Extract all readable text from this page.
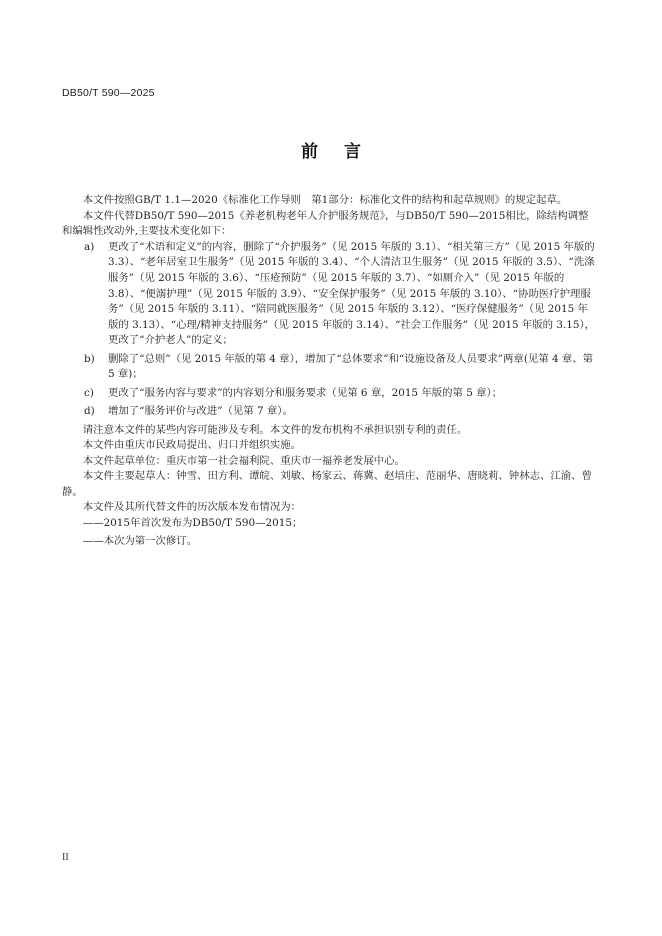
DB50/T 590—2025
前言

本文件按照GB/T 1.1—2020《标准化工作导则　第1部分：标准化文件的结构和起草规则》的规定起草。

本文件代替DB50/T 590—2015《养老机构老年人介护服务规范》，与DB50/T 590—2015相比，除结构调整和编辑性改动外,主要技术变化如下：

a)	更改了“术语和定义”的内容，删除了“介护服务”（见 2015 年版的 3.1）、“相关第三方”（见 2015 年版的 3.3）、“老年居室卫生服务”（见 2015 年版的 3.4）、“个人清洁卫生服务”（见 2015 年版的 3.5）、“洗涤服务”（见 2015 年版的 3.6）、“压疮预防”（见 2015 年版的 3.7）、“如厕介入”（见 2015 年版的 3.8）、“便溺护理”（见 2015 年版的 3.9）、“安全保护服务”（见 2015 年版的 3.10）、“协助医疗护理服务”（见 2015 年版的 3.11）、“陪同就医服务”（见 2015 年版的 3.12）、“医疗保健服务”（见 2015 年版的 3.13）、“心理/精神支持服务”（见 2015 年版的 3.14）、“社会工作服务”（见 2015 年版的 3.15），更改了“介护老人”的定义；
b)	删除了“总则”（见 2015 年版的第 4 章），增加了“总体要求”和“设施设备及人员要求”两章(见第 4 章、第 5 章)；
c)	更改了“服务内容与要求”的内容划分和服务要求（见第 6 章，2015 年版的第 5 章）；
d)	增加了“服务评价与改进”（见第 7 章）。

请注意本文件的某些内容可能涉及专利。本文件的发布机构不承担识别专利的责任。

本文件由重庆市民政局提出、归口并组织实施。

本文件起草单位：重庆市第一社会福利院、重庆市一福养老发展中心。

本文件主要起草人：钟雪、田方利、谭皖、刘敏、杨家云、蒋冀、赵培庄、范丽华、唐晓莉、钟林志、江渝、曾静。

本文件及其所代替文件的历次版本发布情况为：

——2015年首次发布为DB50/T 590—2015；

——本次为第一次修订。

II
